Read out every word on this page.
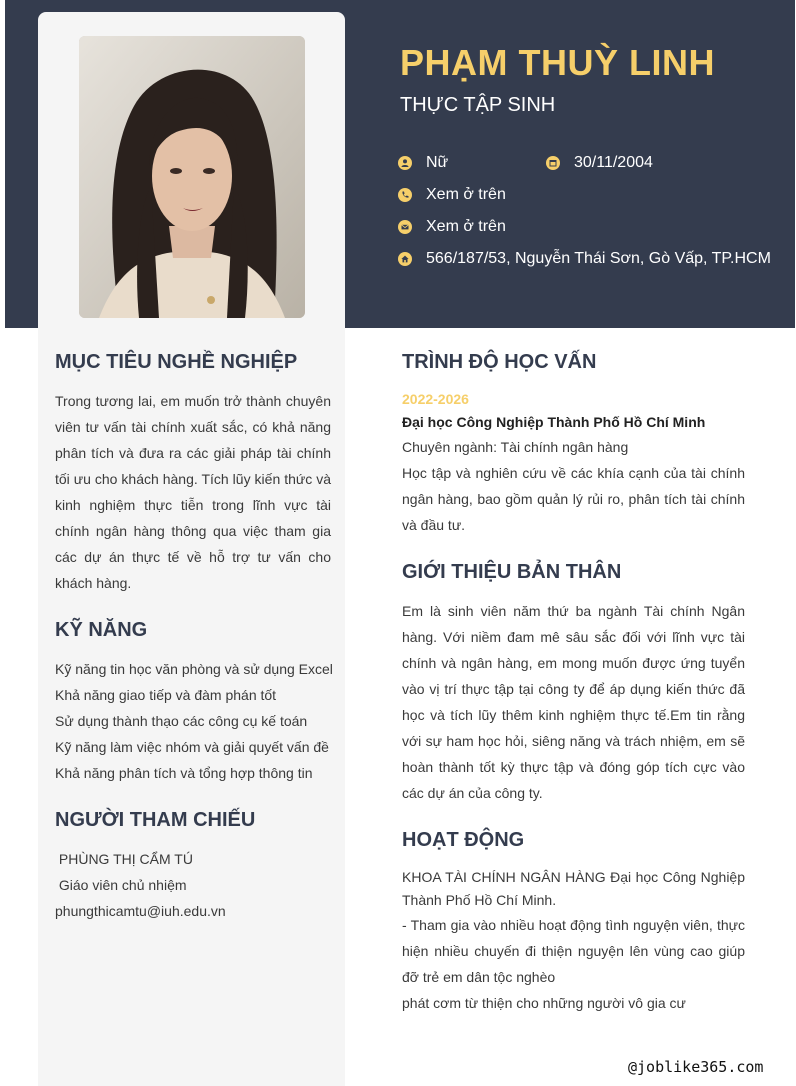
PHẠM THUỲ LINH
THỰC TẬP SINH
Nữ	30/11/2004
Xem ở trên
Xem ở trên
566/187/53, Nguyễn Thái Sơn, Gò Vấp, TP.HCM
MỤC TIÊU NGHỀ NGHIỆP
Trong tương lai, em muốn trở thành chuyên viên tư vấn tài chính xuất sắc, có khả năng phân tích và đưa ra các giải pháp tài chính tối ưu cho khách hàng. Tích lũy kiến thức và kinh nghiệm thực tiễn trong lĩnh vực tài chính ngân hàng thông qua việc tham gia các dự án thực tế về hỗ trợ tư vấn cho khách hàng.
KỸ NĂNG
Kỹ năng tin học văn phòng và sử dụng Excel
Khả năng giao tiếp và đàm phán tốt
Sử dụng thành thạo các công cụ kế toán
Kỹ năng làm việc nhóm và giải quyết vấn đề
Khả năng phân tích và tổng hợp thông tin
NGƯỜI THAM CHIẾU
PHÙNG THỊ CẨM TÚ
Giáo viên chủ nhiệm
phungthicamtu@iuh.edu.vn
TRÌNH ĐỘ HỌC VẤN
2022-2026
Đại học Công Nghiệp Thành Phố Hồ Chí Minh
Chuyên ngành: Tài chính ngân hàng
Học tập và nghiên cứu về các khía cạnh của tài chính ngân hàng, bao gồm quản lý rủi ro, phân tích tài chính và đầu tư.
GIỚI THIỆU BẢN THÂN
Em là sinh viên năm thứ ba ngành Tài chính Ngân hàng. Với niềm đam mê sâu sắc đối với lĩnh vực tài chính và ngân hàng, em mong muốn được ứng tuyển vào vị trí thực tập tại công ty để áp dụng kiến thức đã học và tích lũy thêm kinh nghiệm thực tế.Em tin rằng với sự ham học hỏi, siêng năng và trách nhiệm, em sẽ hoàn thành tốt kỳ thực tập và đóng góp tích cực vào các dự án của công ty.
HOẠT ĐỘNG
KHOA TÀI CHÍNH NGÂN HÀNG Đại học Công Nghiệp Thành Phố Hồ Chí Minh.
- Tham gia vào nhiều hoạt động tình nguyện viên, thực hiện nhiều chuyến đi thiện nguyện lên vùng cao giúp đỡ trẻ em dân tộc nghèo
phát cơm từ thiện cho những người vô gia cư
@joblike365.com
